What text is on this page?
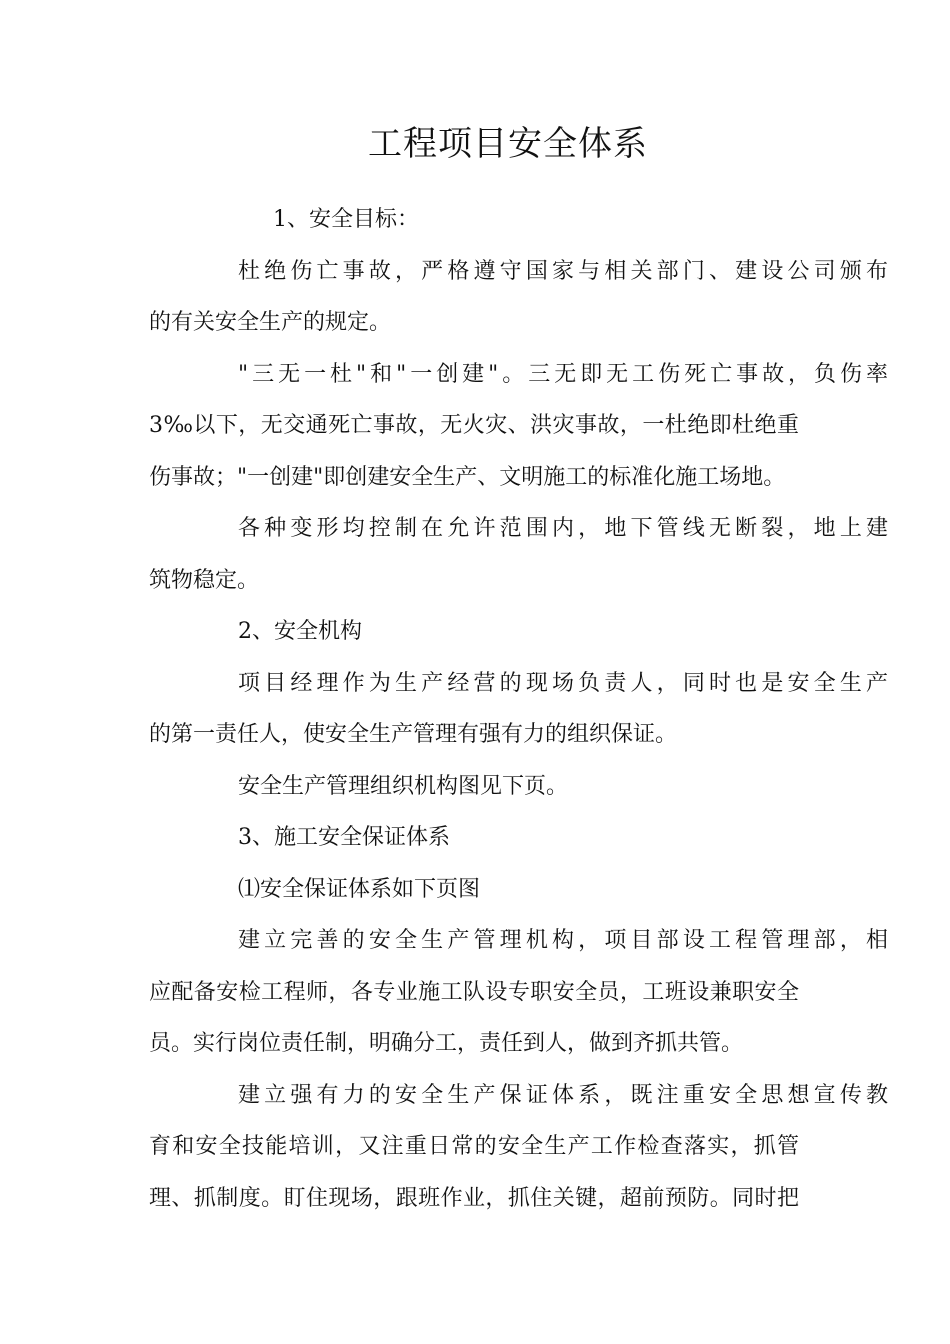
工程项目安全体系
1、安全目标：
杜绝伤亡事故，严格遵守国家与相关部门、建设公司颁布
的有关安全生产的规定。
"三无一杜"和"一创建"。三无即无工伤死亡事故，负伤率
3‰以下，无交通死亡事故，无火灾、洪灾事故，一杜绝即杜绝重
伤事故；"一创建"即创建安全生产、文明施工的标准化施工场地。
各种变形均控制在允许范围内，地下管线无断裂，地上建
筑物稳定。
2、安全机构
项目经理作为生产经营的现场负责人，同时也是安全生产
的第一责任人，使安全生产管理有强有力的组织保证。
安全生产管理组织机构图见下页。
3、施工安全保证体系
⑴安全保证体系如下页图
建立完善的安全生产管理机构，项目部设工程管理部，相
应配备安检工程师，各专业施工队设专职安全员，工班设兼职安全
员。实行岗位责任制，明确分工，责任到人，做到齐抓共管。
建立强有力的安全生产保证体系，既注重安全思想宣传教
育和安全技能培训，又注重日常的安全生产工作检查落实，抓管
理、抓制度。盯住现场，跟班作业，抓住关键，超前预防。同时把
